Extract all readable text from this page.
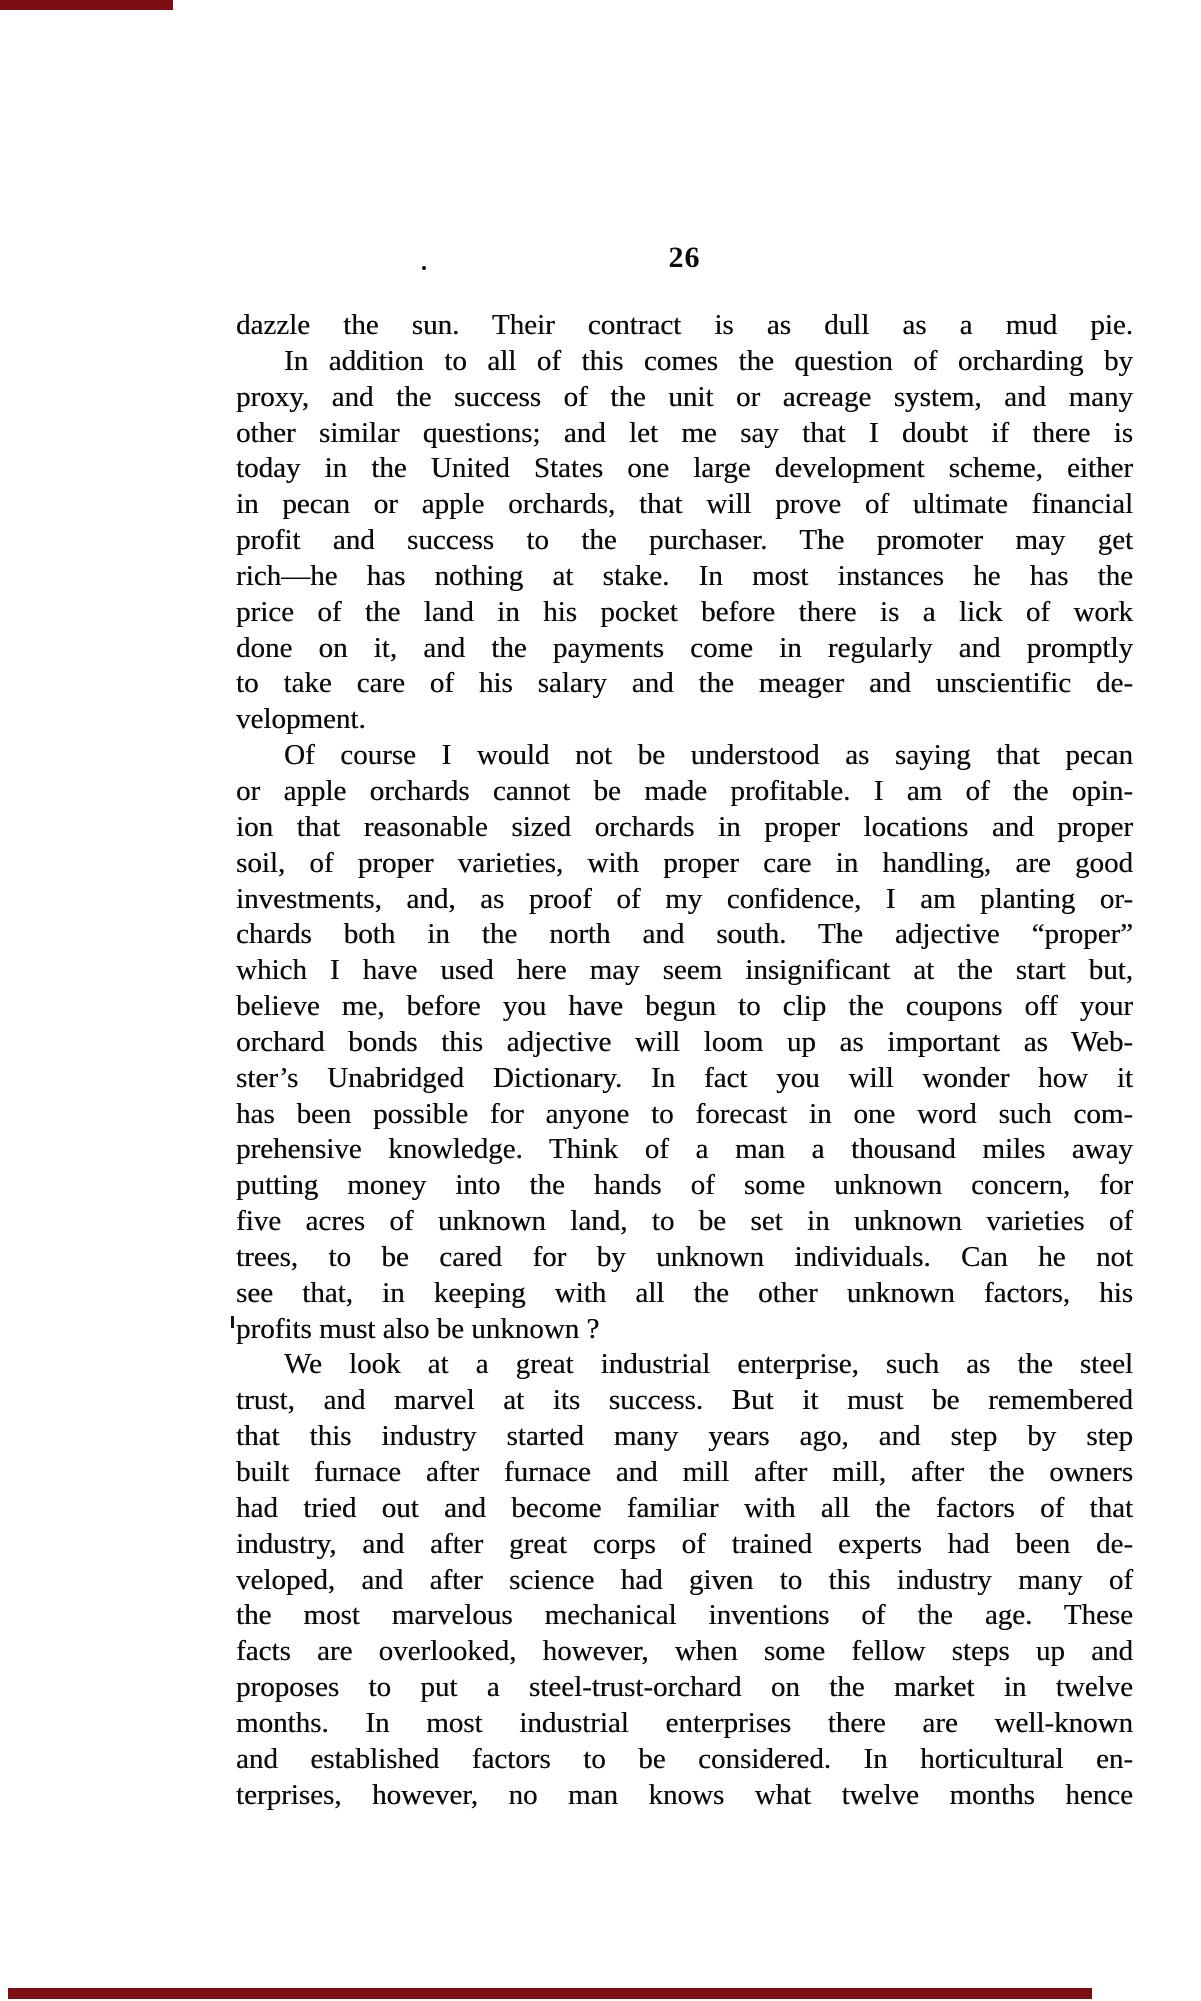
26
dazzle the sun. Their contract is as dull as a mud pie.
In addition to all of this comes the question of orcharding by
proxy, and the success of the unit or acreage system, and many
other similar questions; and let me say that I doubt if there is
today in the United States one large development scheme, either
in pecan or apple orchards, that will prove of ultimate financial
profit and success to the purchaser. The promoter may get
rich—he has nothing at stake. In most instances he has the
price of the land in his pocket before there is a lick of work
done on it, and the payments come in regularly and promptly
to take care of his salary and the meager and unscientific de-
velopment.
Of course I would not be understood as saying that pecan
or apple orchards cannot be made profitable. I am of the opin-
ion that reasonable sized orchards in proper locations and proper
soil, of proper varieties, with proper care in handling, are good
investments, and, as proof of my confidence, I am planting or-
chards both in the north and south. The adjective “proper”
which I have used here may seem insignificant at the start but,
believe me, before you have begun to clip the coupons off your
orchard bonds this adjective will loom up as important as Web-
ster’s Unabridged Dictionary. In fact you will wonder how it
has been possible for anyone to forecast in one word such com-
prehensive knowledge. Think of a man a thousand miles away
putting money into the hands of some unknown concern, for
five acres of unknown land, to be set in unknown varieties of
trees, to be cared for by unknown individuals. Can he not
see that, in keeping with all the other unknown factors, his
profits must also be unknown ?
We look at a great industrial enterprise, such as the steel
trust, and marvel at its success. But it must be remembered
that this industry started many years ago, and step by step
built furnace after furnace and mill after mill, after the owners
had tried out and become familiar with all the factors of that
industry, and after great corps of trained experts had been de-
veloped, and after science had given to this industry many of
the most marvelous mechanical inventions of the age. These
facts are overlooked, however, when some fellow steps up and
proposes to put a steel-trust-orchard on the market in twelve
months. In most industrial enterprises there are well-known
and established factors to be considered. In horticultural en-
terprises, however, no man knows what twelve months hence
